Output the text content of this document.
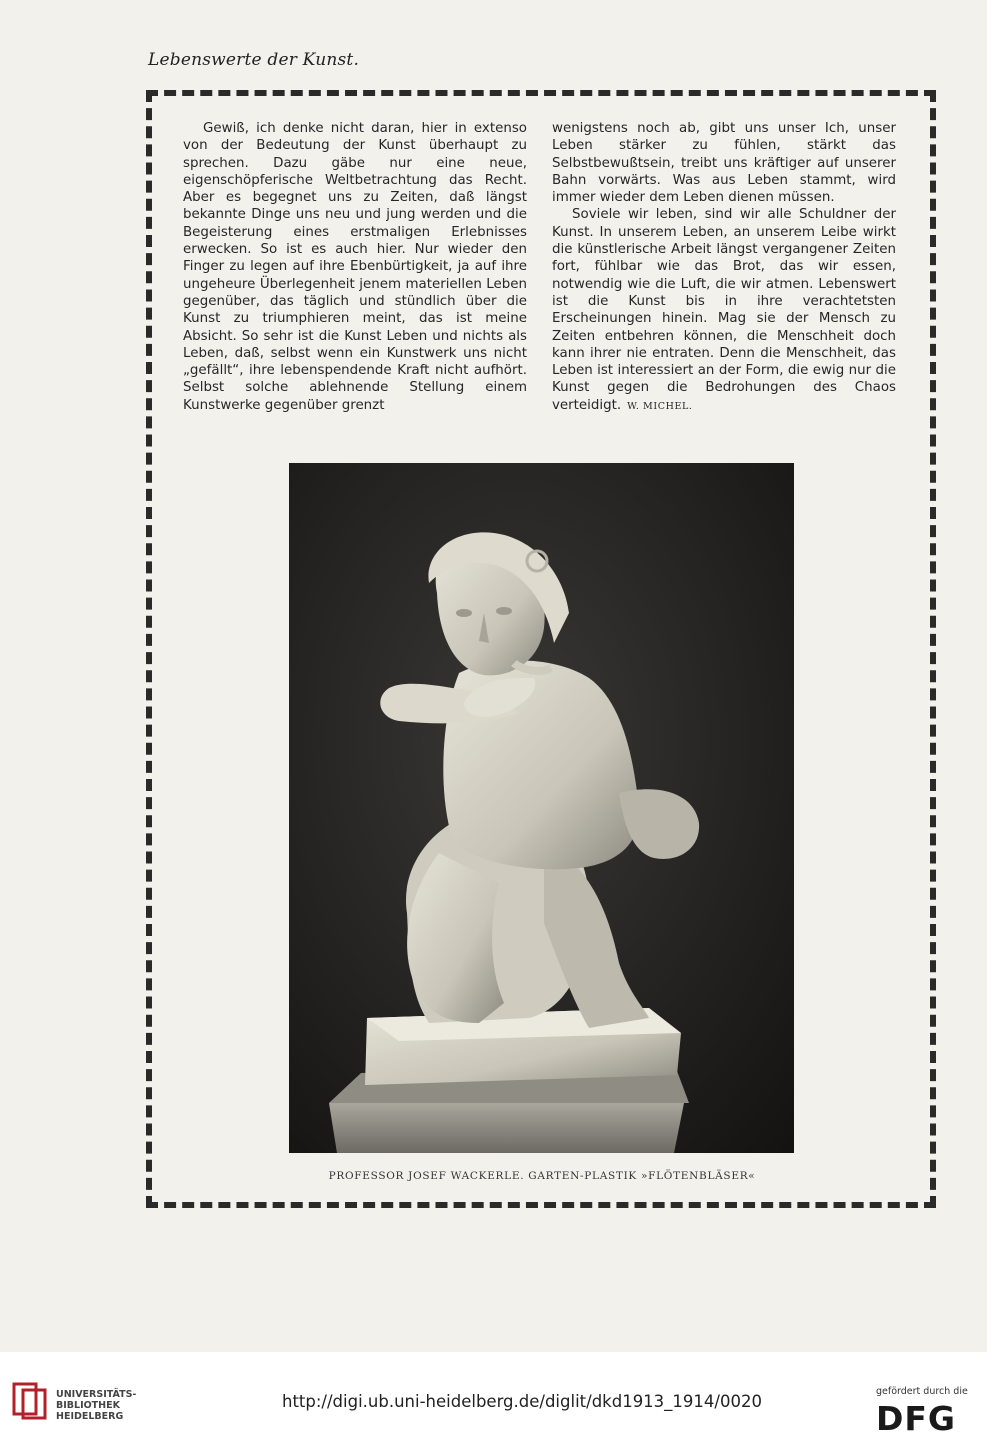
Lebenswerte der Kunst.

Gewiß, ich denke nicht daran, hier in extenso von der Bedeutung der Kunst überhaupt zu sprechen. Dazu gäbe nur eine neue, eigenschöpferische Weltbetrachtung das Recht. Aber es begegnet uns zu Zeiten, daß längst bekannte Dinge uns neu und jung werden und die Begeisterung eines erstmaligen Erlebnisses erwecken. So ist es auch hier. Nur wieder den Finger zu legen auf ihre Ebenbürtigkeit, ja auf ihre ungeheure Überlegenheit jenem materiellen Leben gegenüber, das täglich und stündlich über die Kunst zu triumphieren meint, das ist meine Absicht. So sehr ist die Kunst Leben und nichts als Leben, daß, selbst wenn ein Kunstwerk uns nicht „gefällt“, ihre lebenspendende Kraft nicht aufhört. Selbst solche ablehnende Stellung einem Kunstwerke gegenüber grenzt

wenigstens noch ab, gibt uns unser Ich, unser Leben stärker zu fühlen, stärkt das Selbstbewußtsein, treibt uns kräftiger auf unserer Bahn vorwärts. Was aus Leben stammt, wird immer wieder dem Leben dienen müssen.

Soviele wir leben, sind wir alle Schuldner der Kunst. In unserem Leben, an unserem Leibe wirkt die künstlerische Arbeit längst vergangener Zeiten fort, fühlbar wie das Brot, das wir essen, notwendig wie die Luft, die wir atmen. Lebenswert ist die Kunst bis in ihre verachtetsten Erscheinungen hinein. Mag sie der Mensch zu Zeiten entbehren können, die Menschheit doch kann ihrer nie entraten. Denn die Menschheit, das Leben ist interessiert an der Form, die ewig nur die Kunst gegen die Bedrohungen des Chaos verteidigt. W. MICHEL.

PROFESSOR JOSEF WACKERLE. GARTEN-PLASTIK »FLÖTENBLÄSER«
UNIVERSITÄTS-
BIBLIOTHEK
HEIDELBERG
http://digi.ub.uni-heidelberg.de/diglit/dkd1913_1914/0020
gefördert durch die
DFG
